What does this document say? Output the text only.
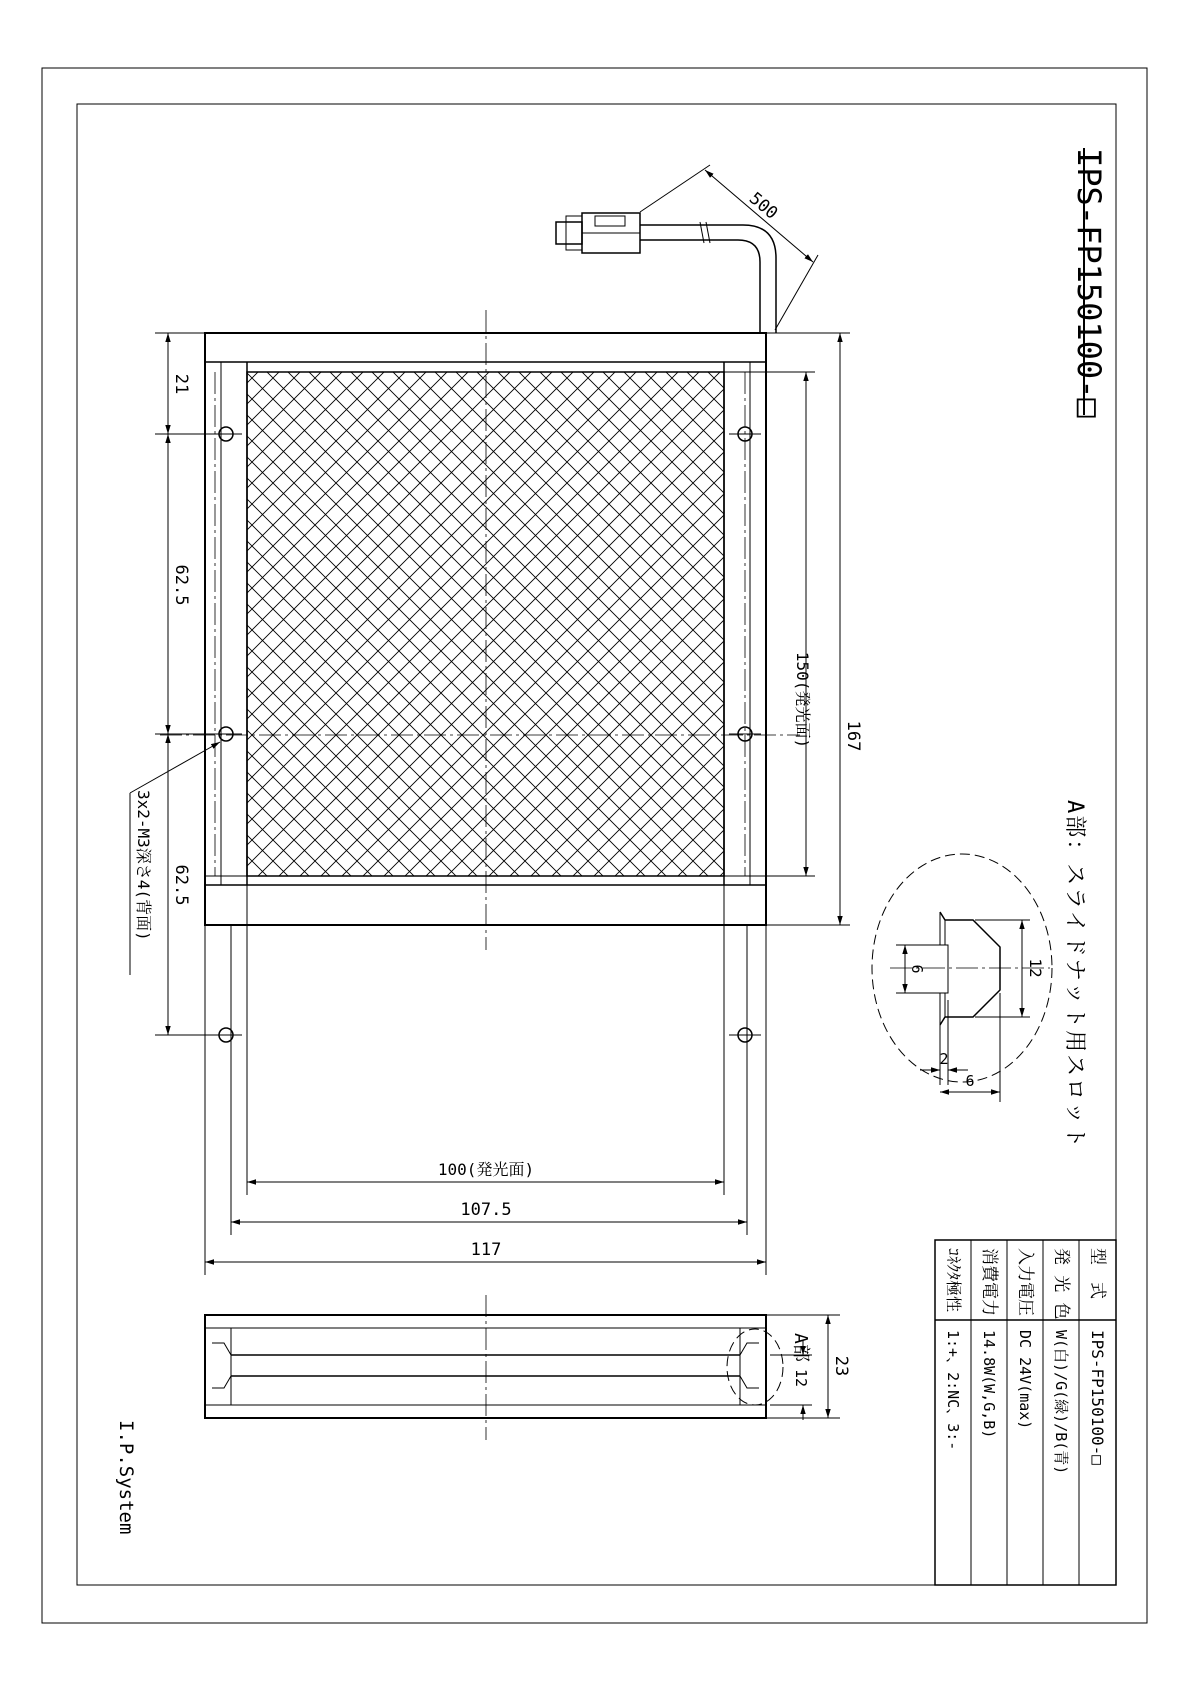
500
21
62.5
62.5
3x2-M3深さ4(背面)
150(発光面) 167
100(発光面)
107.5
117
A部
23
12
12
6
2
6	A部：スライドナット用スロット
IPS-FP150100-□
I.P.System
型　式
IPS-FP150100-□
発 光 色
W(白)/G(緑)/B(青)
入力電圧
DC 24V(max)
消費電力
14.8W(W,G,B)
ｺﾈｸﾀ極性
1:+、2:NC、3:-
